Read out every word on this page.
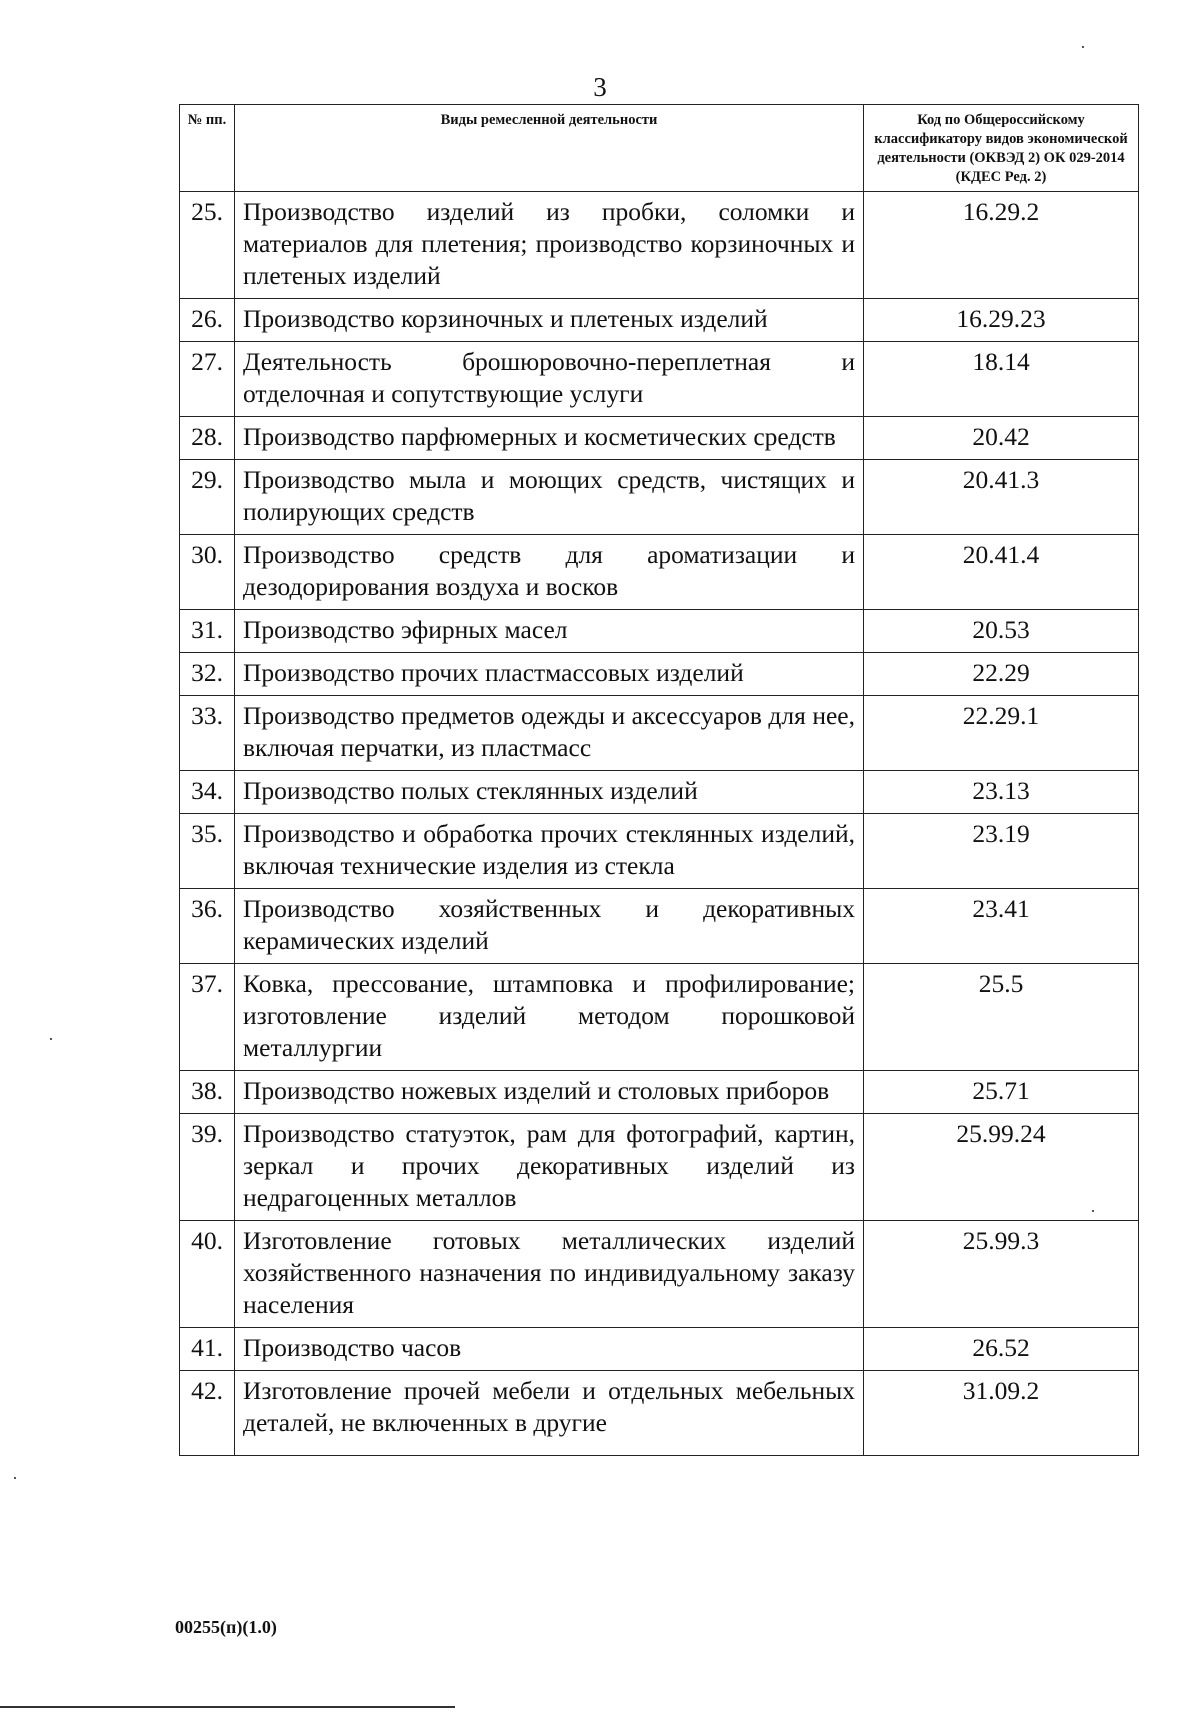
3
№ пп.	Виды ремесленной деятельности	Код по Общероссийскому классификатору видов экономической деятельности (ОКВЭД 2) ОК 029-2014 (КДЕС Ред. 2)
25.	Производство изделий из пробки, соломки и материалов для плетения; производство корзиночных и плетеных изделий	16.29.2
26.	Производство корзиночных и плетеных изделий	16.29.23
27.	Деятельность брошюровочно-переплетная и отделочная и сопутствующие услуги	18.14
28.	Производство парфюмерных и косметических средств	20.42
29.	Производство мыла и моющих средств, чистящих и полирующих средств	20.41.3
30.	Производство средств для ароматизации и дезодорирования воздуха и восков	20.41.4
31.	Производство эфирных масел	20.53
32.	Производство прочих пластмассовых изделий	22.29
33.	Производство предметов одежды и аксессуаров для нее, включая перчатки, из пластмасс	22.29.1
34.	Производство полых стеклянных изделий	23.13
35.	Производство и обработка прочих стеклянных изделий, включая технические изделия из стекла	23.19
36.	Производство хозяйственных и декоративных керамических изделий	23.41
37.	Ковка, прессование, штамповка и профилирование; изготовление изделий методом порошковой металлургии	25.5
38.	Производство ножевых изделий и столовых приборов	25.71
39.	Производство статуэток, рам для фотографий, картин, зеркал и прочих декоративных изделий из недрагоценных металлов	25.99.24
40.	Изготовление готовых металлических изделий хозяйственного назначения по индивидуальному заказу населения	25.99.3
41.	Производство часов	26.52
42.	Изготовление прочей мебели и отдельных мебельных деталей, не включенных в другие	31.09.2
00255(п)(1.0)
